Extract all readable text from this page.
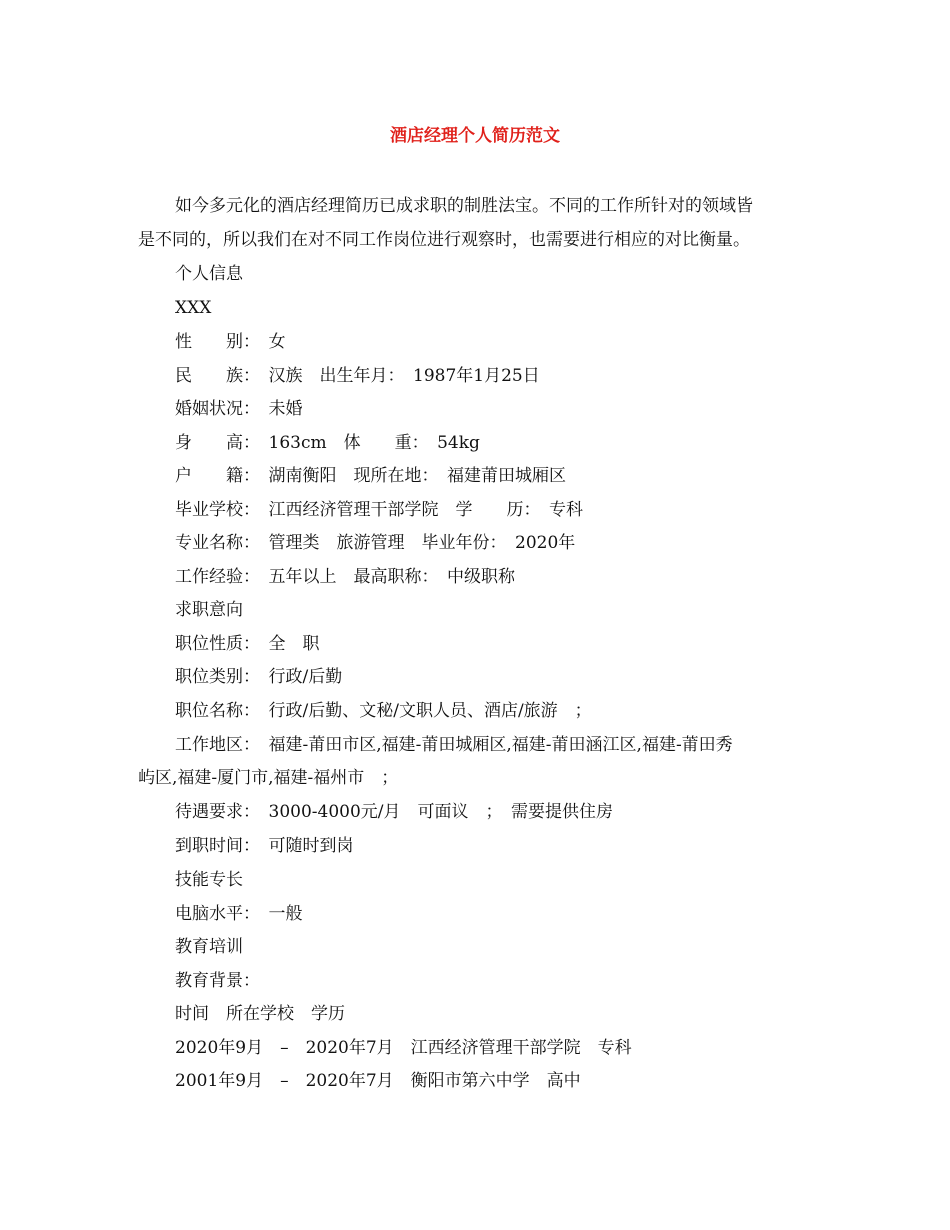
酒店经理个人简历范文
如今多元化的酒店经理简历已成求职的制胜法宝。不同的工作所针对的领域皆
是不同的，所以我们在对不同工作岗位进行观察时，也需要进行相应的对比衡量。
个人信息
XXX
性　　别：　女
民　　族：　汉族　出生年月：　1987年1月25日
婚姻状况：　未婚
身　　高：　163cm　体　　重：　54kg
户　　籍：　湖南衡阳　现所在地：　福建莆田城厢区
毕业学校：　江西经济管理干部学院　学　　历：　专科
专业名称：　管理类　旅游管理　毕业年份：　2020年
工作经验：　五年以上　最高职称：　中级职称
求职意向
职位性质：　全　职
职位类别：　行政/后勤
职位名称：　行政/后勤、文秘/文职人员、酒店/旅游　；
工作地区：　福建-莆田市区,福建-莆田城厢区,福建-莆田涵江区,福建-莆田秀
屿区,福建-厦门市,福建-福州市　；
待遇要求：　3000-4000元/月　可面议　；　需要提供住房
到职时间：　可随时到岗
技能专长
电脑水平：　一般
教育培训
教育背景：
时间　所在学校　学历
2020年9月　–　2020年7月　江西经济管理干部学院　专科
2001年9月　–　2020年7月　衡阳市第六中学　高中
